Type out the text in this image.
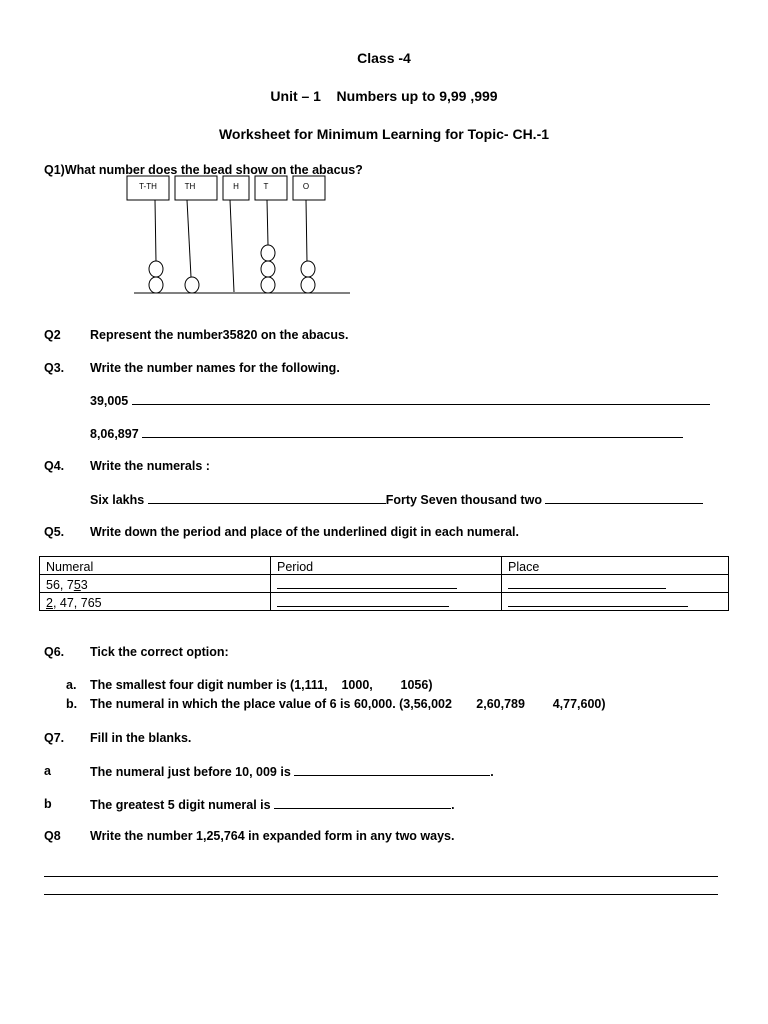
Class -4
Unit – 1    Numbers up to 9,99 ,999
Worksheet for Minimum Learning for Topic- CH.-1
Q1)What number does the bead show on the abacus?
T-TH	TH	H	T	O
Q2 Represent the number35820 on the abacus.
Q3. Write the number names for the following.
39,005
8,06,897
Q4. Write the numerals :
Six lakhs	Forty Seven thousand two
Q5. Write down the period and place of the underlined digit in each numeral.
Numeral	Period	Place
56, 753		
2, 47, 765		
Q6. Tick the correct option:
a. The smallest four digit number is (1,111,    1000,        1056)
b. The numeral in which the place value of 6 is 60,000. (3,56,002       2,60,789        4,77,600)
Q7. Fill in the blanks.
a	The numeral just before 10, 009 is	.
b	The greatest 5 digit numeral is	.
Q8 Write the number 1,25,764 in expanded form in any two ways.
